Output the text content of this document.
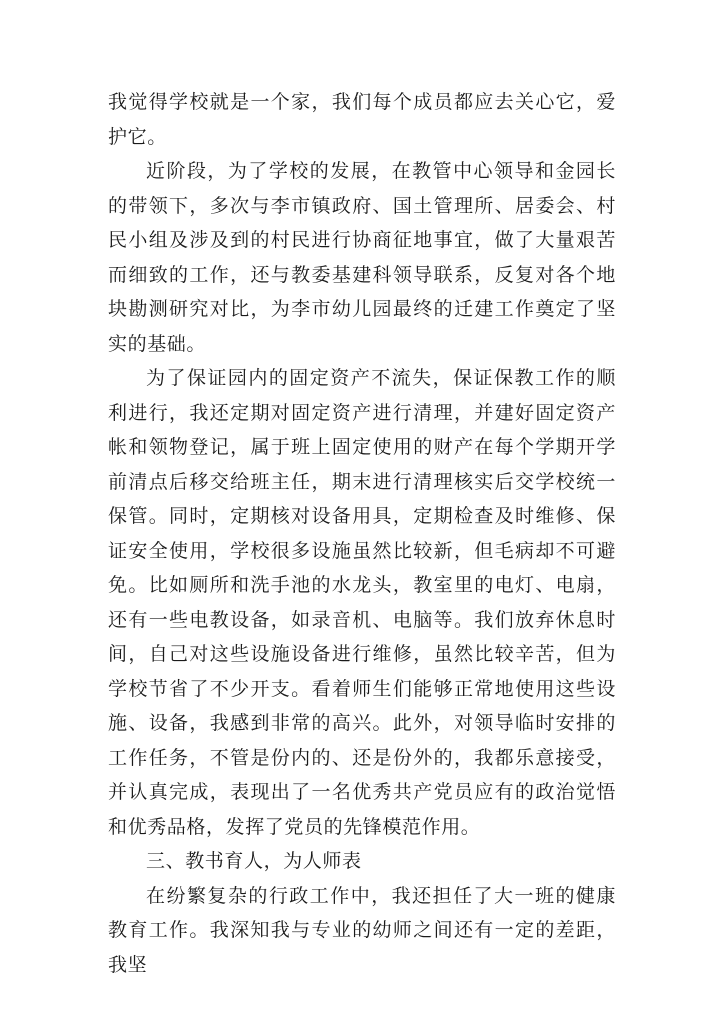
我觉得学校就是一个家，我们每个成员都应去关心它，爱护它。

近阶段，为了学校的发展，在教管中心领导和金园长的带领下，多次与李市镇政府、国土管理所、居委会、村民小组及涉及到的村民进行协商征地事宜，做了大量艰苦而细致的工作，还与教委基建科领导联系，反复对各个地块勘测研究对比，为李市幼儿园最终的迁建工作奠定了坚实的基础。

为了保证园内的固定资产不流失，保证保教工作的顺利进行，我还定期对固定资产进行清理，并建好固定资产帐和领物登记，属于班上固定使用的财产在每个学期开学前清点后移交给班主任，期末进行清理核实后交学校统一保管。同时，定期核对设备用具，定期检查及时维修、保证安全使用，学校很多设施虽然比较新，但毛病却不可避免。比如厕所和洗手池的水龙头，教室里的电灯、电扇，还有一些电教设备，如录音机、电脑等。我们放弃休息时间，自己对这些设施设备进行维修，虽然比较辛苦，但为学校节省了不少开支。看着师生们能够正常地使用这些设施、设备，我感到非常的高兴。此外，对领导临时安排的工作任务，不管是份内的、还是份外的，我都乐意接受，并认真完成，表现出了一名优秀共产党员应有的政治觉悟和优秀品格，发挥了党员的先锋模范作用。

三、教书育人，为人师表

在纷繁复杂的行政工作中，我还担任了大一班的健康教育工作。我深知我与专业的幼师之间还有一定的差距，我坚
